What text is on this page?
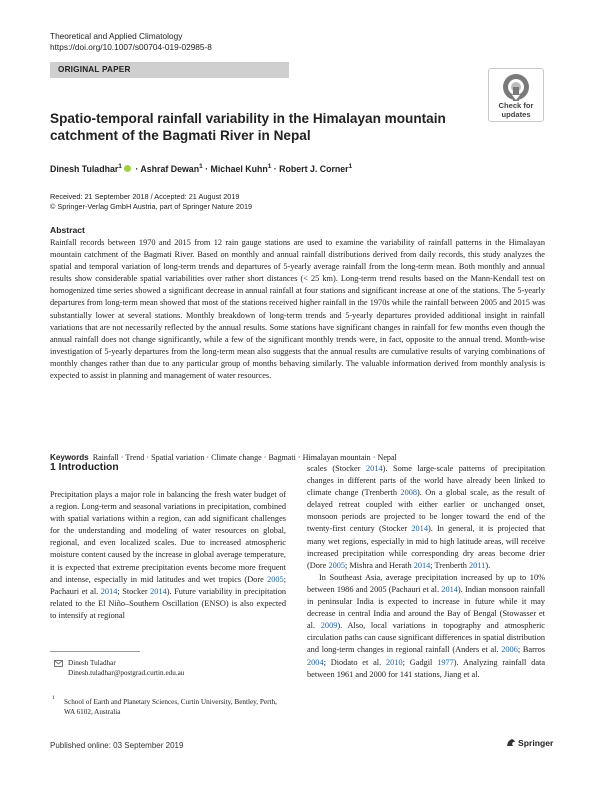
Theoretical and Applied Climatology
https://doi.org/10.1007/s00704-019-02985-8
ORIGINAL PAPER
Check for
updates
Spatio-temporal rainfall variability in the Himalayan mountain catchment of the Bagmati River in Nepal
Dinesh Tuladhar$^1$ · Ashraf Dewan$^1$ · Michael Kuhn$^1$ · Robert J. Corner$^1$
Received: 21 September 2018 / Accepted: 21 August 2019
© Springer-Verlag GmbH Austria, part of Springer Nature 2019
Abstract
Rainfall records between 1970 and 2015 from 12 rain gauge stations are used to examine the variability of rainfall patterns in the Himalayan mountain catchment of the Bagmati River. Based on monthly and annual rainfall distributions derived from daily records, this study analyzes the spatial and temporal variation of long-term trends and departures of 5-yearly average rainfall from the long-term mean. Both monthly and annual results show considerable spatial variabilities over rather short distances (< 25 km). Long-term trend results based on the Mann-Kendall test on homogenized time series showed a significant decrease in annual rainfall at four stations and significant increase at one of the stations. The 5-yearly departures from long-term mean showed that most of the stations received higher rainfall in the 1970s while the rainfall between 2005 and 2015 was substantially lower at several stations. Monthly breakdown of long-term trends and 5-yearly departures provided additional insight in rainfall variations that are not necessarily reflected by the annual results. Some stations have significant changes in rainfall for few months even though the annual rainfall does not change significantly, while a few of the significant monthly trends were, in fact, opposite to the annual trend. Month-wise investigation of 5-yearly departures from the long-term mean also suggests that the annual results are cumulative results of varying combinations of monthly changes rather than due to any particular group of months behaving similarly. The valuable information derived from monthly analysis is expected to assist in planning and management of water resources.
Keywords Rainfall · Trend · Spatial variation · Climate change · Bagmati · Himalayan mountain · Nepal
1 Introduction

Precipitation plays a major role in balancing the fresh water budget of a region. Long-term and seasonal variations in precipitation, combined with spatial variations within a region, can add significant challenges for the understanding and modeling of water resources on global, regional, and even localized scales. Due to increased atmospheric moisture content caused by the increase in global average temperature, it is expected that extreme precipitation events become more frequent and intense, especially in mid latitudes and wet tropics (Dore 2005; Pachauri et al. 2014; Stocker 2014). Future variability in precipitation related to the El Niño–Southern Oscillation (ENSO) is also expected to intensify at regional

scales (Stocker 2014). Some large-scale patterns of precipitation changes in different parts of the world have already been linked to climate change (Trenberth 2008). On a global scale, as the result of delayed retreat coupled with either earlier or unchanged onset, monsoon periods are projected to be longer toward the end of the twenty-first century (Stocker 2014). In general, it is projected that many wet regions, especially in mid to high latitude areas, will receive increased precipitation while corresponding dry areas become drier (Dore 2005; Mishra and Herath 2014; Trenberth 2011).

In Southeast Asia, average precipitation increased by up to 10% between 1986 and 2005 (Pachauri et al. 2014). Indian monsoon rainfall in peninsular India is expected to increase in future while it may decrease in central India and around the Bay of Bengal (Stowasser et al. 2009). Also, local variations in topography and atmospheric circulation paths can cause significant differences in spatial distribution and long-term changes in regional rainfall (Anders et al. 2006; Barros 2004; Diodato et al. 2010; Gadgil 1977). Analyzing rainfall data between 1961 and 2000 for 141 stations, Jiang et al.

Dinesh Tuladhar
Dinesh.tuladhar@postgrad.curtin.edu.au
1 School of Earth and Planetary Sciences, Curtin University, Bentley, Perth, WA 6102, Australia
Published online: 03 September 2019	Springer
